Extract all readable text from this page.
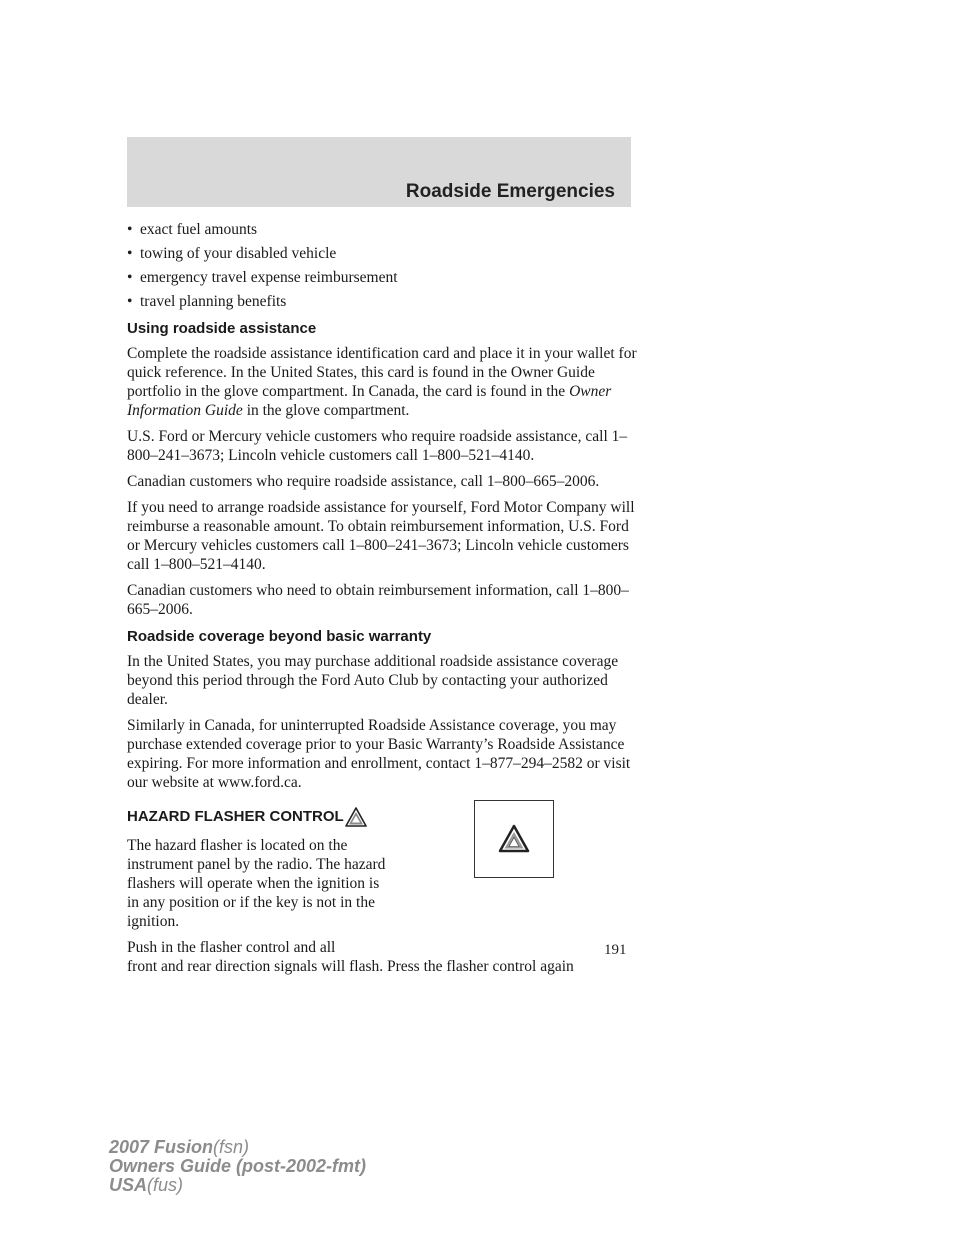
Roadside Emergencies
• exact fuel amounts
• towing of your disabled vehicle
• emergency travel expense reimbursement
• travel planning benefits
Using roadside assistance

Complete the roadside assistance identification card and place it in your wallet for quick reference. In the United States, this card is found in the Owner Guide portfolio in the glove compartment. In Canada, the card is found in the Owner Information Guide in the glove compartment.

U.S. Ford or Mercury vehicle customers who require roadside assistance, call 1–800–241–3673; Lincoln vehicle customers call 1–800–521–4140.

Canadian customers who require roadside assistance, call 1–800–665–2006.

If you need to arrange roadside assistance for yourself, Ford Motor Company will reimburse a reasonable amount. To obtain reimbursement information, U.S. Ford or Mercury vehicles customers call 1–800–241–3673; Lincoln vehicle customers call 1–800–521–4140.

Canadian customers who need to obtain reimbursement information, call 1–800–665–2006.

Roadside coverage beyond basic warranty

In the United States, you may purchase additional roadside assistance coverage beyond this period through the Ford Auto Club by contacting your authorized dealer.

Similarly in Canada, for uninterrupted Roadside Assistance coverage, you may purchase extended coverage prior to your Basic Warranty’s Roadside Assistance expiring. For more information and enrollment, contact 1–877–294–2582 or visit our website at www.ford.ca.

HAZARD FLASHER CONTROL

The hazard flasher is located on the instrument panel by the radio. The hazard flashers will operate when the ignition is in any position or if the key is not in the ignition.

Push in the flasher control and all
front and rear direction signals will flash. Press the flasher control again

191
2007 Fusion(fsn)
Owners Guide (post-2002-fmt)
USA(fus)
